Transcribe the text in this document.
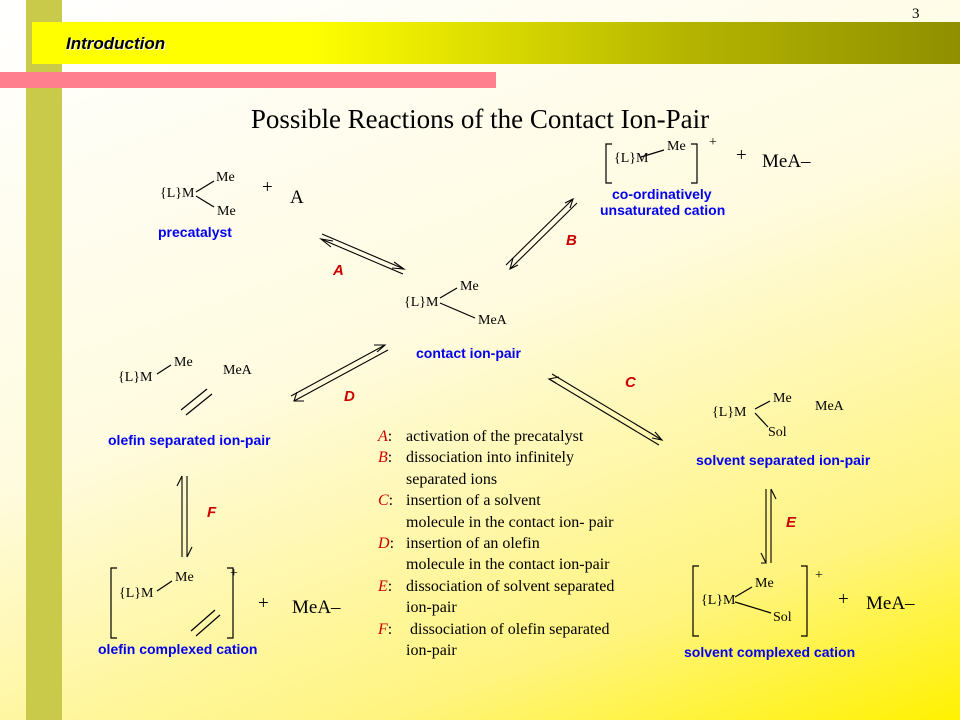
Introduction
3
Possible Reactions of the Contact Ion-Pair
{L}M
Me
Me
+ A
precatalyst
{L}M
Me +
+ MeA–
co-ordinatively
unsaturated cation
{L}M
Me
MeA
contact ion-pair
{L}M
Me
MeA
olefin separated ion-pair
{L}M
Me
MeA
Sol
solvent separated ion-pair
{L}M
Me	+
+ MeA–
olefin complexed cation
{L}M
Me
Sol
+
+ MeA–
solvent complexed cation
A
B
C
D
E
F
A: activation of the precatalyst
B: dissociation into infinitely
separated ions
C: insertion of a solvent
molecule in the contact ion- pair
D: insertion of an olefin
molecule in the contact ion-pair
E: dissociation of solvent separated
ion-pair
F: dissociation of olefin separated
ion-pair
